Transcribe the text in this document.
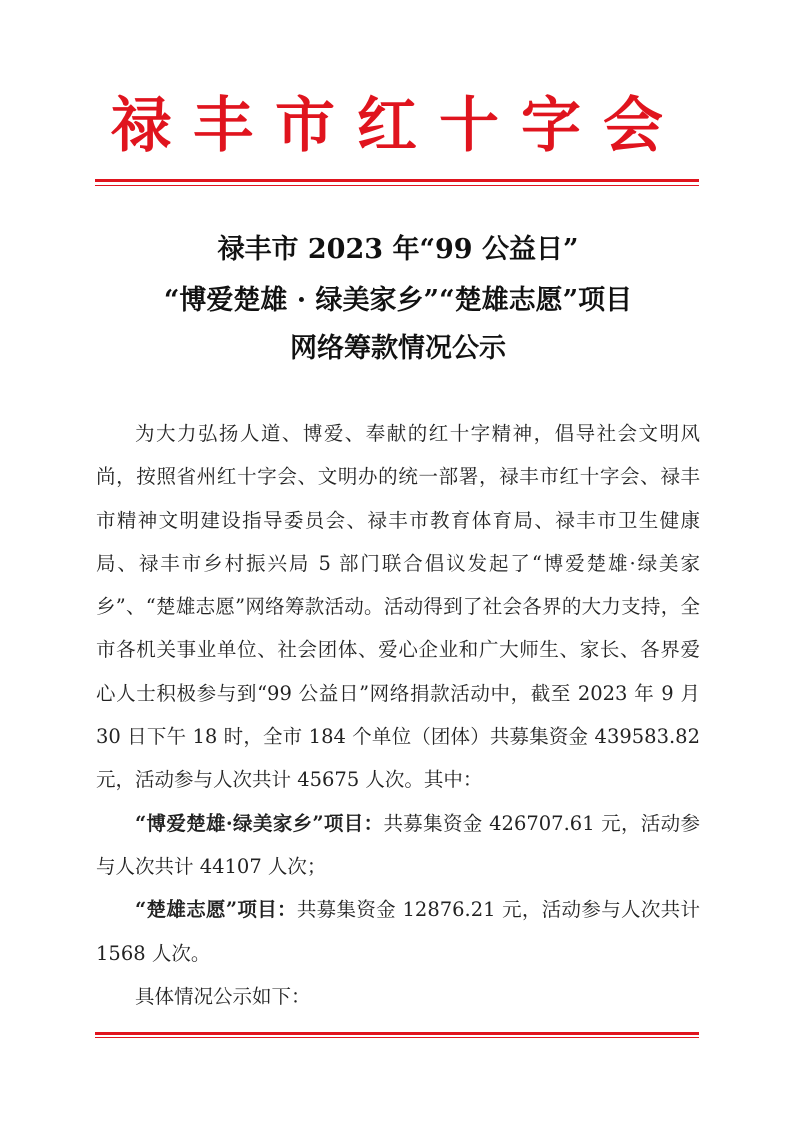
禄丰市红十字会
禄丰市 2023 年“99 公益日”
“博爱楚雄 · 绿美家乡”“楚雄志愿”项目
网络筹款情况公示

为大力弘扬人道、博爱、奉献的红十字精神，倡导社会文明风尚，按照省州红十字会、文明办的统一部署，禄丰市红十字会、禄丰市精神文明建设指导委员会、禄丰市教育体育局、禄丰市卫生健康局、禄丰市乡村振兴局 5 部门联合倡议发起了“博爱楚雄·绿美家乡”、“楚雄志愿”网络筹款活动。活动得到了社会各界的大力支持，全市各机关事业单位、社会团体、爱心企业和广大师生、家长、各界爱心人士积极参与到“99 公益日”网络捐款活动中，截至 2023 年 9 月 30 日下午 18 时，全市 184 个单位（团体）共募集资金 439583.82 元，活动参与人次共计 45675 人次。其中：

“博爱楚雄·绿美家乡”项目：共募集资金 426707.61 元，活动参与人次共计 44107 人次；

“楚雄志愿”项目：共募集资金 12876.21 元，活动参与人次共计 1568 人次。

具体情况公示如下：
